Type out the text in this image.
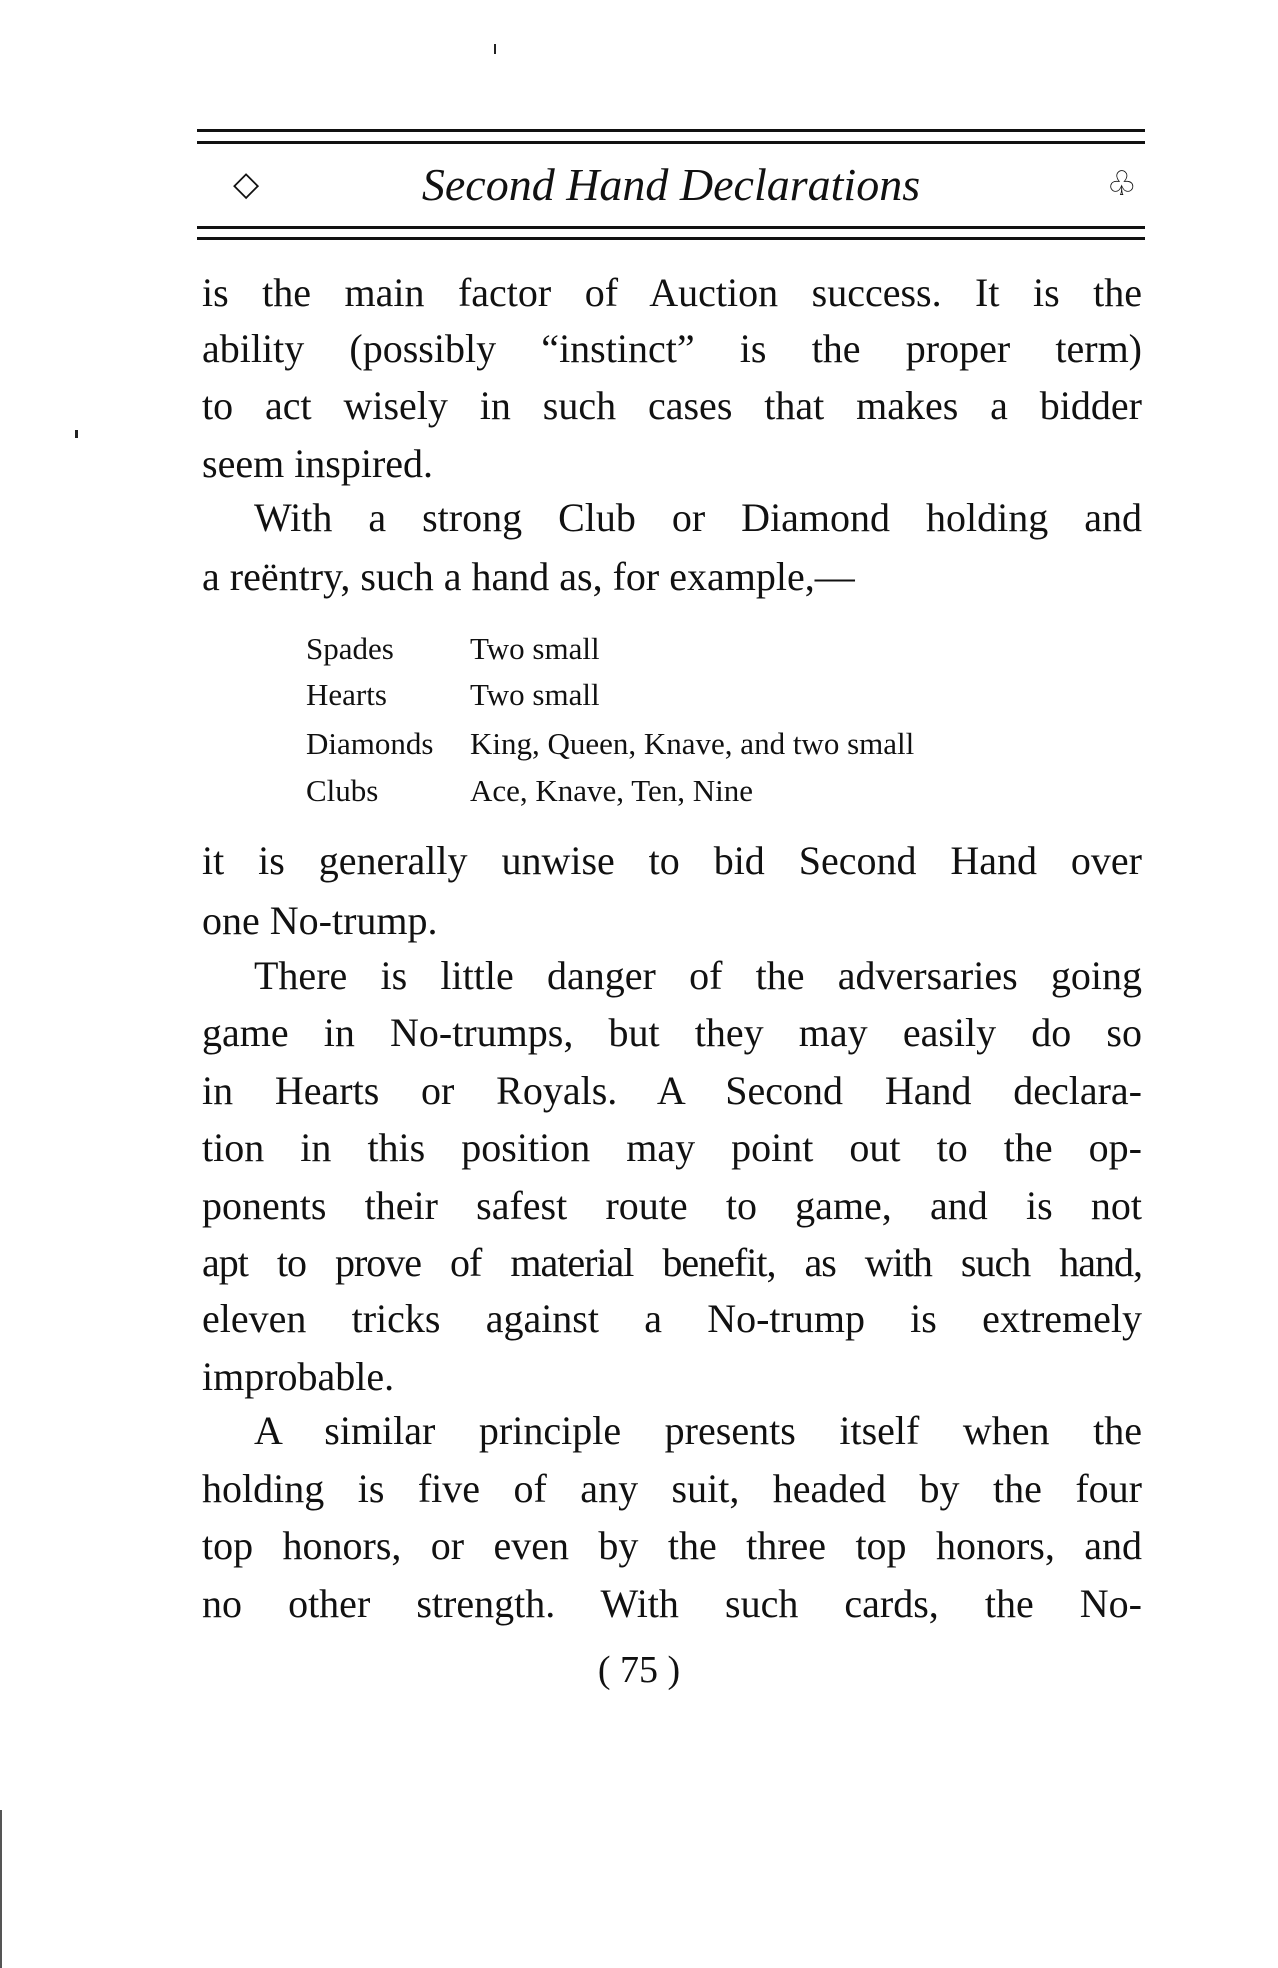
◇	Second Hand Declarations	♧
is the main factor of Auction success. It is the
ability (possibly “instinct” is the proper term)
to act wisely in such cases that makes a bidder
seem inspired.
With a strong Club or Diamond holding and
a reëntry, such a hand as, for example,—
Spades Two small
Hearts	Two small
Diamonds King, Queen, Knave, and two small
Clubs	Ace, Knave, Ten, Nine
it is generally unwise to bid Second Hand over
one No-trump.
There is little danger of the adversaries going
game in No-trumps, but they may easily do so
in Hearts or Royals. A Second Hand declara-
tion in this position may point out to the op-
ponents their safest route to game, and is not
apt to prove of material benefit, as with such hand,
eleven tricks against a No-trump is extremely
improbable.
A similar principle presents itself when the
holding is five of any suit, headed by the four
top honors, or even by the three top honors, and
no other strength. With such cards, the No-
( 75 )
